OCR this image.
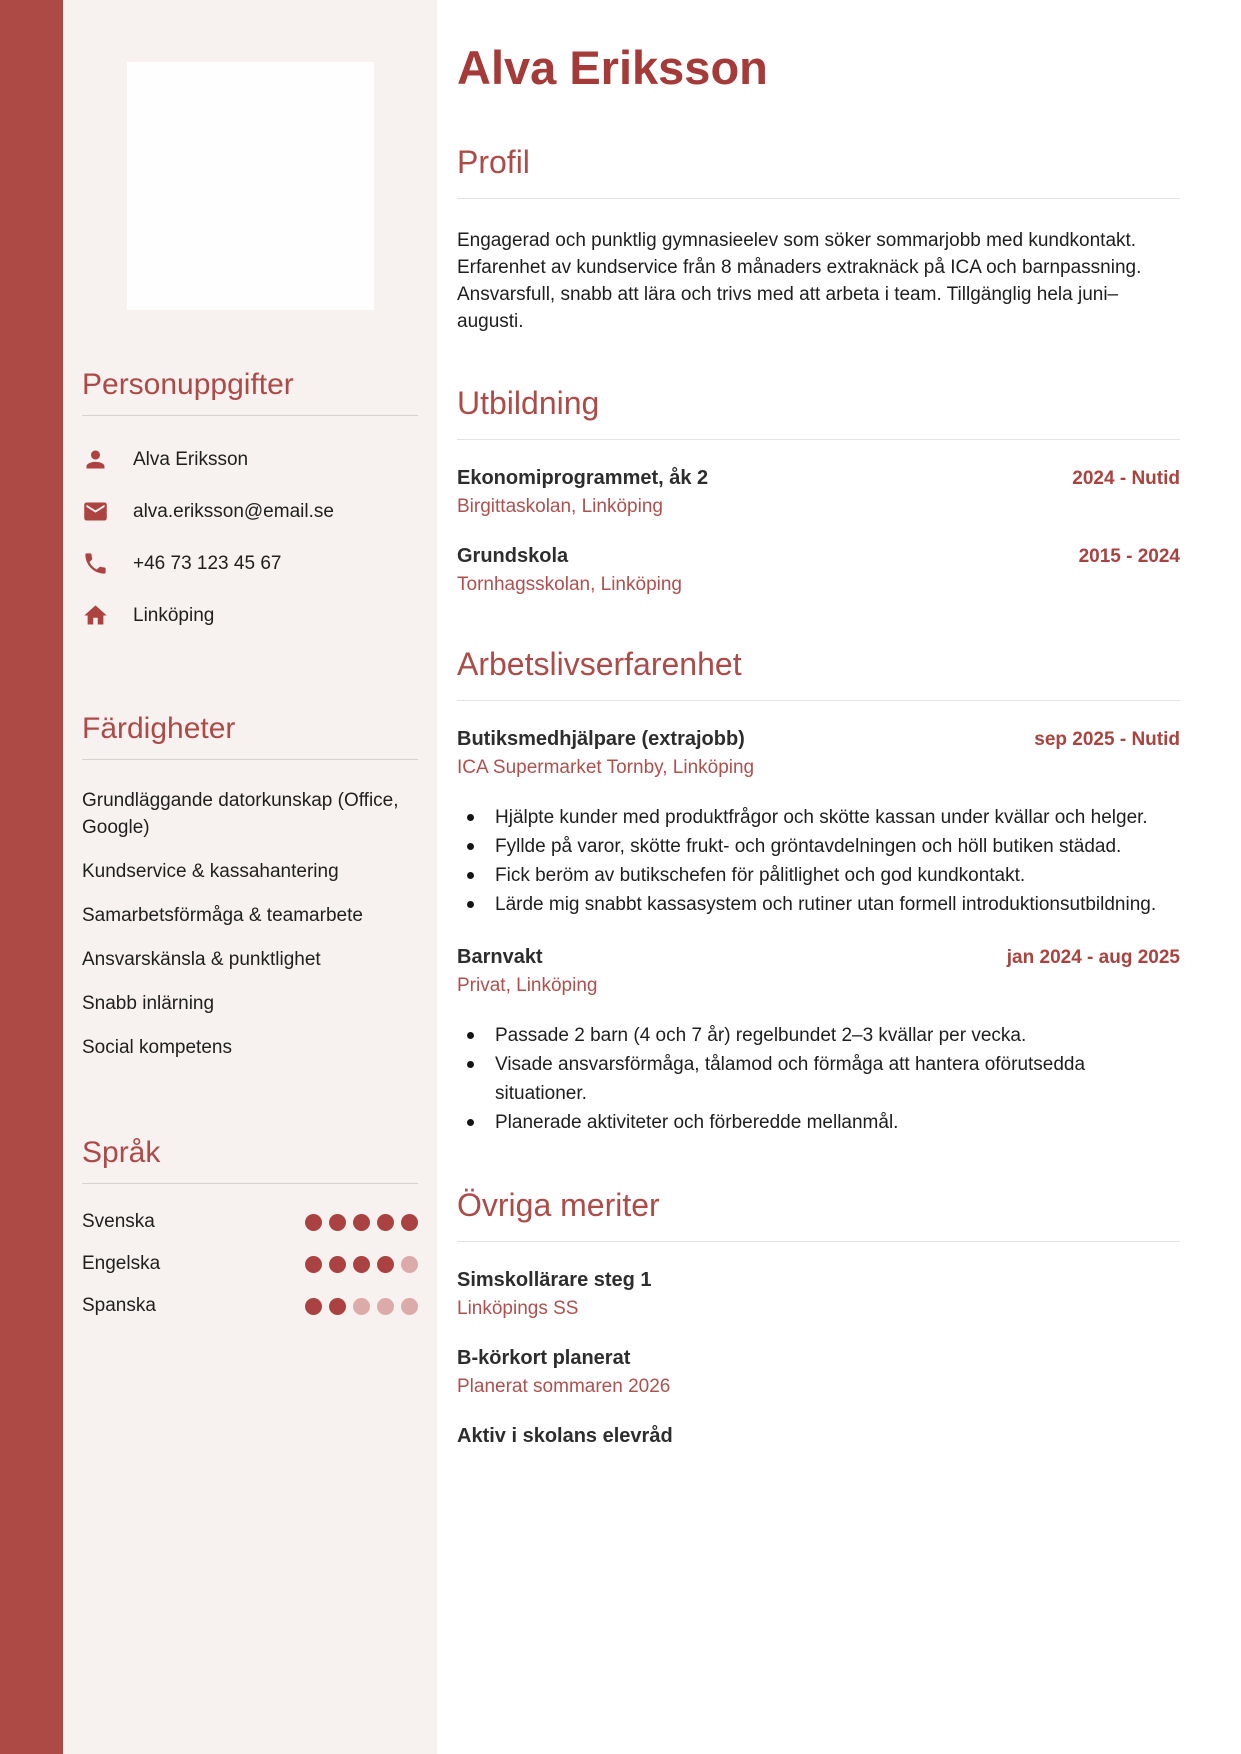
Personuppgifter
Alva Eriksson
alva.eriksson@email.se
+46 73 123 45 67
Linköping
Färdigheter
Grundläggande datorkunskap (Office, Google)
Kundservice & kassahantering
Samarbetsförmåga & teamarbete
Ansvarskänsla & punktlighet
Snabb inlärning
Social kompetens
Språk
Svenska
Engelska
Spanska
Alva Eriksson
Profil

Engagerad och punktlig gymnasieelev som söker sommarjobb med kundkontakt. Erfarenhet av kundservice från 8 månaders extraknäck på ICA och barnpassning. Ansvarsfull, snabb att lära och trivs med att arbeta i team. Tillgänglig hela juni–augusti.

Utbildning
Ekonomiprogrammet, åk 2	2024 - Nutid
Birgittaskolan, Linköping
Grundskola	2015 - 2024
Tornhagsskolan, Linköping
Arbetslivserfarenhet
Butiksmedhjälpare (extrajobb)	sep 2025 - Nutid
ICA Supermarket Tornby, Linköping
Hjälpte kunder med produktfrågor och skötte kassan under kvällar och helger.
Fyllde på varor, skötte frukt- och gröntavdelningen och höll butiken städad.
Fick beröm av butikschefen för pålitlighet och god kundkontakt.
Lärde mig snabbt kassasystem och rutiner utan formell introduktionsutbildning.
Barnvakt	jan 2024 - aug 2025
Privat, Linköping
Passade 2 barn (4 och 7 år) regelbundet 2–3 kvällar per vecka.
Visade ansvarsförmåga, tålamod och förmåga att hantera oförutsedda situationer.
Planerade aktiviteter och förberedde mellanmål.
Övriga meriter
Simskollärare steg 1
Linköpings SS
B-körkort planerat
Planerat sommaren 2026
Aktiv i skolans elevråd
